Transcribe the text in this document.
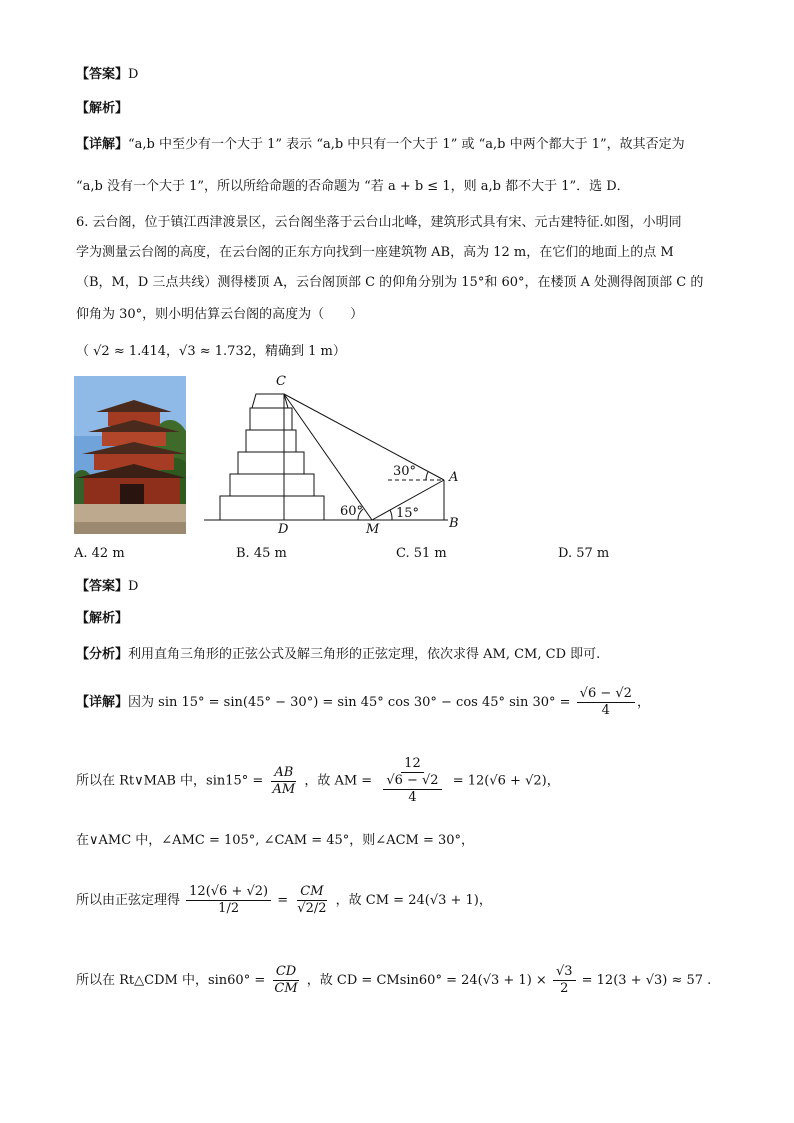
【答案】D
【解析】
【详解】“a,b 中至少有一个大于 1” 表示 “a,b 中只有一个大于 1” 或 “a,b 中两个都大于 1”，故其否定为
“a,b 没有一个大于 1”，所以所给命题的否命题为 “若 a + b ≤ 1，则 a,b 都不大于 1”．选 D．
6. 云台阁，位于镇江西津渡景区，云台阁坐落于云台山北峰，建筑形式具有宋、元古建特征.如图，小明同
学为测量云台阁的高度，在云台阁的正东方向找到一座建筑物 AB，高为 12 m，在它们的地面上的点 M
（B，M，D 三点共线）测得楼顶 A，云台阁顶部 C 的仰角分别为 15°和 60°，在楼顶 A 处测得阁顶部 C 的
仰角为 30°，则小明估算云台阁的高度为（　　）
（ √2 ≈ 1.414，√3 ≈ 1.732，精确到 1 m）
C
A
B
D	M
30°
60°	15°
A. 42 m	B. 45 m	C. 51 m	D. 57 m
【答案】D
【解析】
【分析】利用直角三角形的正弦公式及解三角形的正弦定理，依次求得 AM, CM, CD 即可.
【详解】因为 sin 15° = sin(45° − 30°) = sin 45° cos 30° − cos 45° $\sin 30^\circ = \frac{√6 - √2}{4}$ ，
所以在 Rt∨MAB 中，$\sin 15^\circ = \frac{AB}{AM}$ ，故 AM = $\frac{12}{\frac{√6 - √2}{4}} = 12(√6 + √2)$，
在∨AMC 中，∠AMC = 105°, ∠CAM = 45°，则∠ACM = 30°，
所以由正弦定理得 $\frac{12(√6 + √2)}{1/2} = \frac{CM}{√2/2}$ ，故 CM = 24(√3 + 1)，
所以在 Rt△CDM 中，$\sin 60^\circ = \frac{CD}{CM}$ ，故 CD = $CMsin60^\circ = 24(√3 + 1) \times \frac{√3}{2} = 12(3 + √3) \approx 57$ .
